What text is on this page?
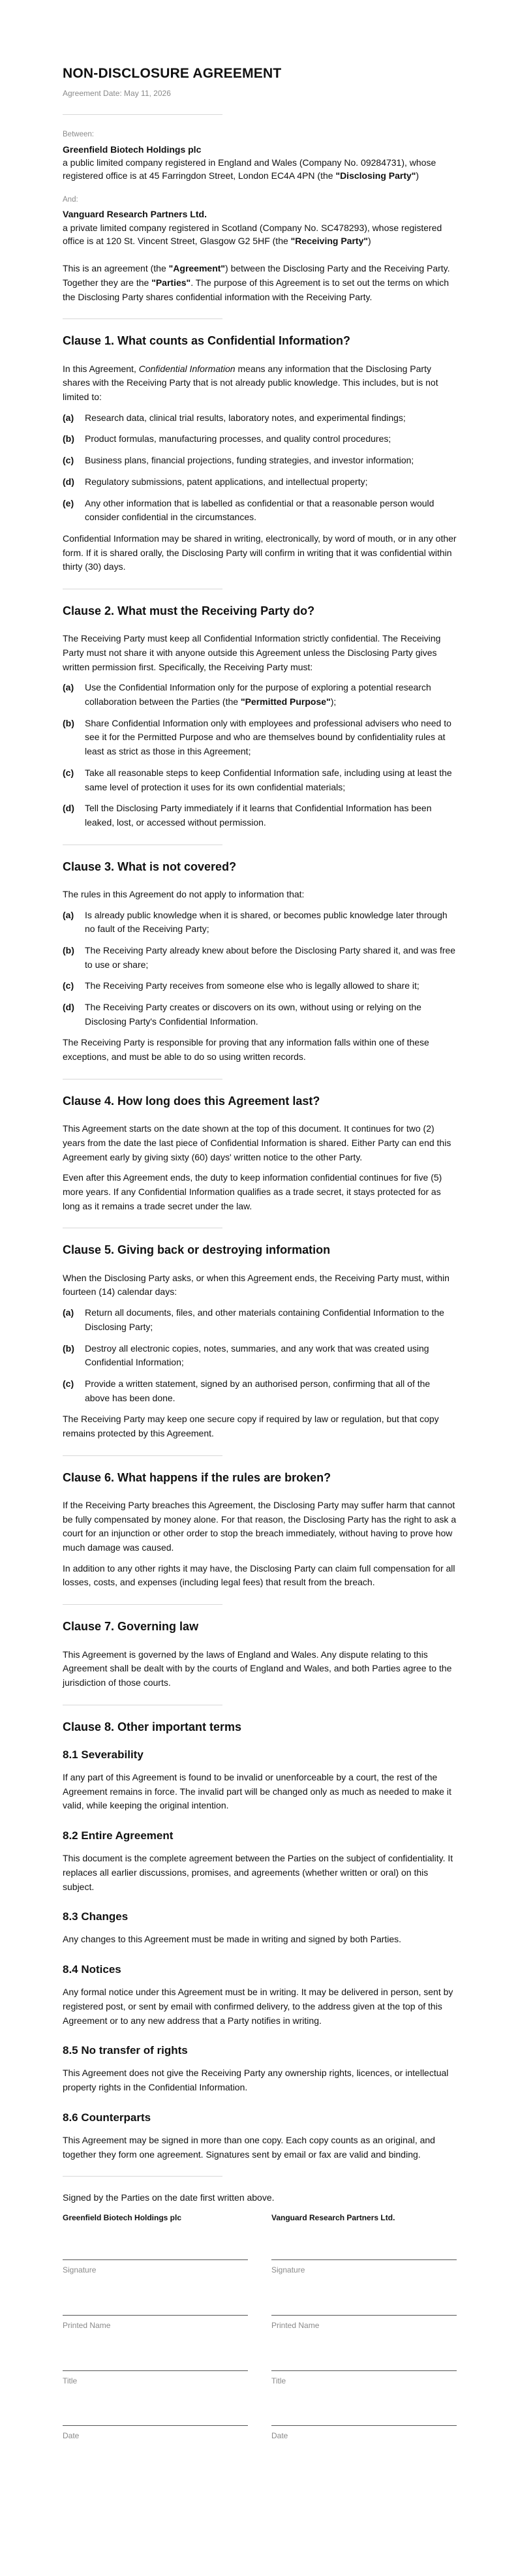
NON-DISCLOSURE AGREEMENT
Agreement Date: May 11, 2026
Between:
Greenfield Biotech Holdings plc
a public limited company registered in England and Wales (Company No. 09284731), whose registered office is at 45 Farringdon Street, London EC4A 4PN (the "Disclosing Party")
And:
Vanguard Research Partners Ltd.
a private limited company registered in Scotland (Company No. SC478293), whose registered office is at 120 St. Vincent Street, Glasgow G2 5HF (the "Receiving Party")

This is an agreement (the "Agreement") between the Disclosing Party and the Receiving Party. Together they are the "Parties". The purpose of this Agreement is to set out the terms on which the Disclosing Party shares confidential information with the Receiving Party.

Clause 1. What counts as Confidential Information?

In this Agreement, Confidential Information means any information that the Disclosing Party shares with the Receiving Party that is not already public knowledge. This includes, but is not limited to:

(a)	Research data, clinical trial results, laboratory notes, and experimental findings;
(b)	Product formulas, manufacturing processes, and quality control procedures;
(c)	Business plans, financial projections, funding strategies, and investor information;
(d)	Regulatory submissions, patent applications, and intellectual property;
(e)	Any other information that is labelled as confidential or that a reasonable person would consider confidential in the circumstances.

Confidential Information may be shared in writing, electronically, by word of mouth, or in any other form. If it is shared orally, the Disclosing Party will confirm in writing that it was confidential within thirty (30) days.

Clause 2. What must the Receiving Party do?

The Receiving Party must keep all Confidential Information strictly confidential. The Receiving Party must not share it with anyone outside this Agreement unless the Disclosing Party gives written permission first. Specifically, the Receiving Party must:

(a)	Use the Confidential Information only for the purpose of exploring a potential research collaboration between the Parties (the "Permitted Purpose");
(b)	Share Confidential Information only with employees and professional advisers who need to see it for the Permitted Purpose and who are themselves bound by confidentiality rules at least as strict as those in this Agreement;
(c)	Take all reasonable steps to keep Confidential Information safe, including using at least the same level of protection it uses for its own confidential materials;
(d)	Tell the Disclosing Party immediately if it learns that Confidential Information has been leaked, lost, or accessed without permission.
Clause 3. What is not covered?

The rules in this Agreement do not apply to information that:

(a)	Is already public knowledge when it is shared, or becomes public knowledge later through no fault of the Receiving Party;
(b)	The Receiving Party already knew about before the Disclosing Party shared it, and was free to use or share;
(c)	The Receiving Party receives from someone else who is legally allowed to share it;
(d)	The Receiving Party creates or discovers on its own, without using or relying on the Disclosing Party's Confidential Information.

The Receiving Party is responsible for proving that any information falls within one of these exceptions, and must be able to do so using written records.

Clause 4. How long does this Agreement last?

This Agreement starts on the date shown at the top of this document. It continues for two (2) years from the date the last piece of Confidential Information is shared. Either Party can end this Agreement early by giving sixty (60) days' written notice to the other Party.

Even after this Agreement ends, the duty to keep information confidential continues for five (5) more years. If any Confidential Information qualifies as a trade secret, it stays protected for as long as it remains a trade secret under the law.

Clause 5. Giving back or destroying information

When the Disclosing Party asks, or when this Agreement ends, the Receiving Party must, within fourteen (14) calendar days:

(a)	Return all documents, files, and other materials containing Confidential Information to the Disclosing Party;
(b)	Destroy all electronic copies, notes, summaries, and any work that was created using Confidential Information;
(c)	Provide a written statement, signed by an authorised person, confirming that all of the above has been done.

The Receiving Party may keep one secure copy if required by law or regulation, but that copy remains protected by this Agreement.

Clause 6. What happens if the rules are broken?

If the Receiving Party breaches this Agreement, the Disclosing Party may suffer harm that cannot be fully compensated by money alone. For that reason, the Disclosing Party has the right to ask a court for an injunction or other order to stop the breach immediately, without having to prove how much damage was caused.

In addition to any other rights it may have, the Disclosing Party can claim full compensation for all losses, costs, and expenses (including legal fees) that result from the breach.

Clause 7. Governing law

This Agreement is governed by the laws of England and Wales. Any dispute relating to this Agreement shall be dealt with by the courts of England and Wales, and both Parties agree to the jurisdiction of those courts.

Clause 8. Other important terms
8.1 Severability

If any part of this Agreement is found to be invalid or unenforceable by a court, the rest of the Agreement remains in force. The invalid part will be changed only as much as needed to make it valid, while keeping the original intention.

8.2 Entire Agreement

This document is the complete agreement between the Parties on the subject of confidentiality. It replaces all earlier discussions, promises, and agreements (whether written or oral) on this subject.

8.3 Changes

Any changes to this Agreement must be made in writing and signed by both Parties.

8.4 Notices

Any formal notice under this Agreement must be in writing. It may be delivered in person, sent by registered post, or sent by email with confirmed delivery, to the address given at the top of this Agreement or to any new address that a Party notifies in writing.

8.5 No transfer of rights

This Agreement does not give the Receiving Party any ownership rights, licences, or intellectual property rights in the Confidential Information.

8.6 Counterparts

This Agreement may be signed in more than one copy. Each copy counts as an original, and together they form one agreement. Signatures sent by email or fax are valid and binding.

Signed by the Parties on the date first written above.

Greenfield Biotech Holdings plc
Signature
Printed Name
Title
Date
Vanguard Research Partners Ltd.
Signature
Printed Name
Title
Date
